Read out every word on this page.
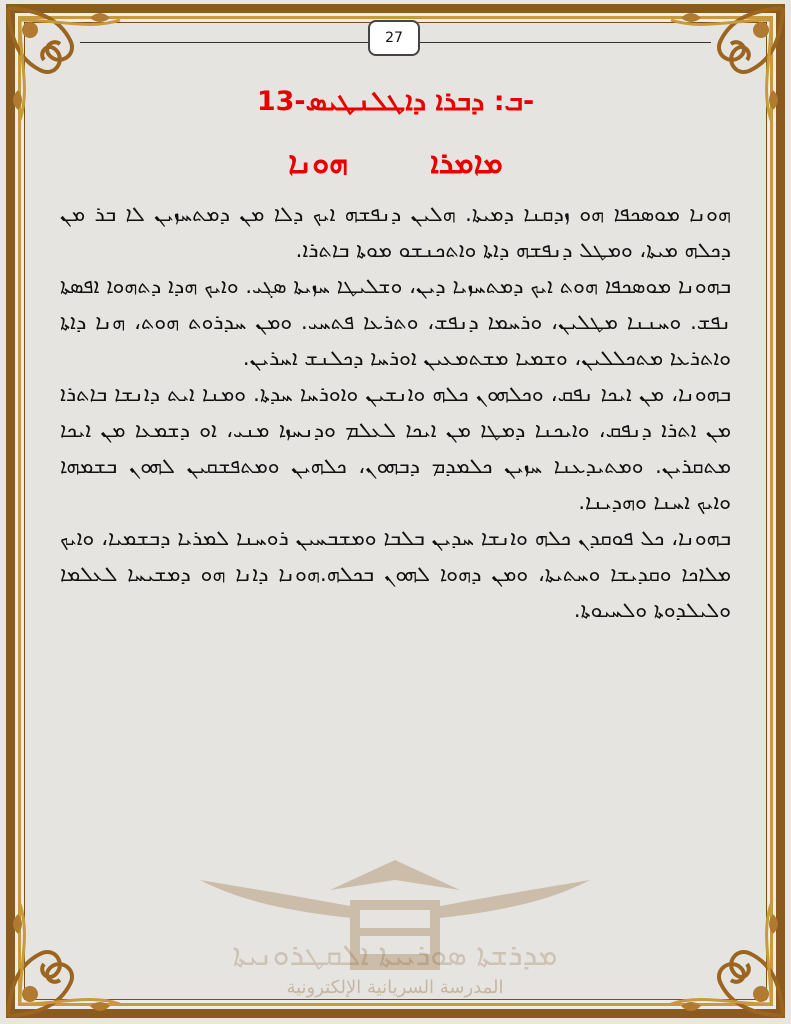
27
ܒ: ܕܒܪܐ ܕܐܛܠܢܛܝܣ-13-
ܗܘܢܐ	ܡܐܡܪܐ
ܡܕܪܫܬܐ ܣܘܪܝܝܬܐ ܐܠܩܛܪܘܢܝܬܐ
المدرسة السريانية الإلكترونية

ܗܘܢܐ ܡܘܣܟܦܐ ܗܘ ܙܕܩܢܐ ܕܡܝܬܐ. ܗܠܝܢ ܕܢܦܫܗ ܐܝܟ ܕܠܐ ܡܢ ܕܡܬܚܙܝܢ ܠܐ ܒܪ ܡܢ ܕܟܠܗ ܡܝܬܐ، ܘܡܛܠ ܕܢܦܫܗ ܕܐܬܐ ܘܐܬܟܢܫܘ ܡܘܬܐ ܒܐܬܪܐ.

ܒܗܘܢܐ ܡܘܣܟܦܐ ܗܘܬ ܐܝܟ ܕܡܬܚܙܝܐ ܕܝܢ، ܘܫܠܝܛܐ ܚܙܝܬܐ ܣܓܝ. ܘܐܝܟ ܗܕܐ ܕܬܗܘܐ ܐܦܣܬܐ ܢܦܫ. ܘܚܢܢܐ ܡܛܠܝܢ، ܘܪܚܡܐ ܕܢܦܫ، ܘܬܪܥܐ ܦܬܚܝ. ܘܡܢ ܚܕܪܘܬ ܗܘܬ، ܗܢܐ ܕܐܬܐ ܘܐܬܪܥܐ ܡܬܟܠܠܝܢ، ܘܫܡܝܐ ܡܫܬܡܥܝܢ ܐܘܪܚܐ ܕܟܠܢܫ ܐܚܪܝܢ.

ܒܗܘܢܐ، ܡܢ ܐܝܟܐ ܢܦܩ، ܘܟܠܗܘܢ ܟܠܗ ܘܐܢܫܝܢ ܘܐܘܪܚܐ ܚܕܬܐ. ܘܡܢܐ ܐܝܬ ܕܐܢܫܐ ܒܐܬܪܐ ܡܢ ܐܬܪܐ ܕܢܦܩ، ܘܐܝܟܢܐ ܕܡܛܐ ܡܢ ܐܝܟܐ ܠܥܠܡ ܘܕܢܚܙܐ ܡܢܝ، ܐܘ ܕܫܡܥܐ ܡܢ ܐܝܟܐ ܡܬܩܪܝܢ. ܘܡܬܝܕܥܢܐ ܚܙܝܢ ܟܠܡܕܡ ܕܒܗܘܢ، ܟܠܗܝܢ ܘܡܬܦܫܩܝܢ ܠܗܘܢ ܒܫܡܗܐ ܘܐܝܟ ܐܚܢܐ ܘܗܕܝܢܐ.

ܒܗܘܢܐ، ܟܠ ܦܘܩܕܢ ܟܠܗ ܘܐܢܫܐ ܚܕܝܢ ܒܠܒܐ ܘܡܫܒܚܝܢ ܪܘܚܢܐ ܠܡܪܝܐ ܕܒܫܡܝܐ، ܘܐܝܟ ܡܠܐܟܐ ܘܩܕܝܫܐ ܘܚܬܝܬܐ، ܘܡܢ ܕܗܘܐ ܠܗܘܢ ܒܟܠܗ.ܗܘܢܐ ܕܐܢܐ ܗܘ ܕܡܫܝܚܐ ܠܥܠܡܐ ܘܠܝܠܕܘܬܐ ܘܠܚܝܘܬܐ.
